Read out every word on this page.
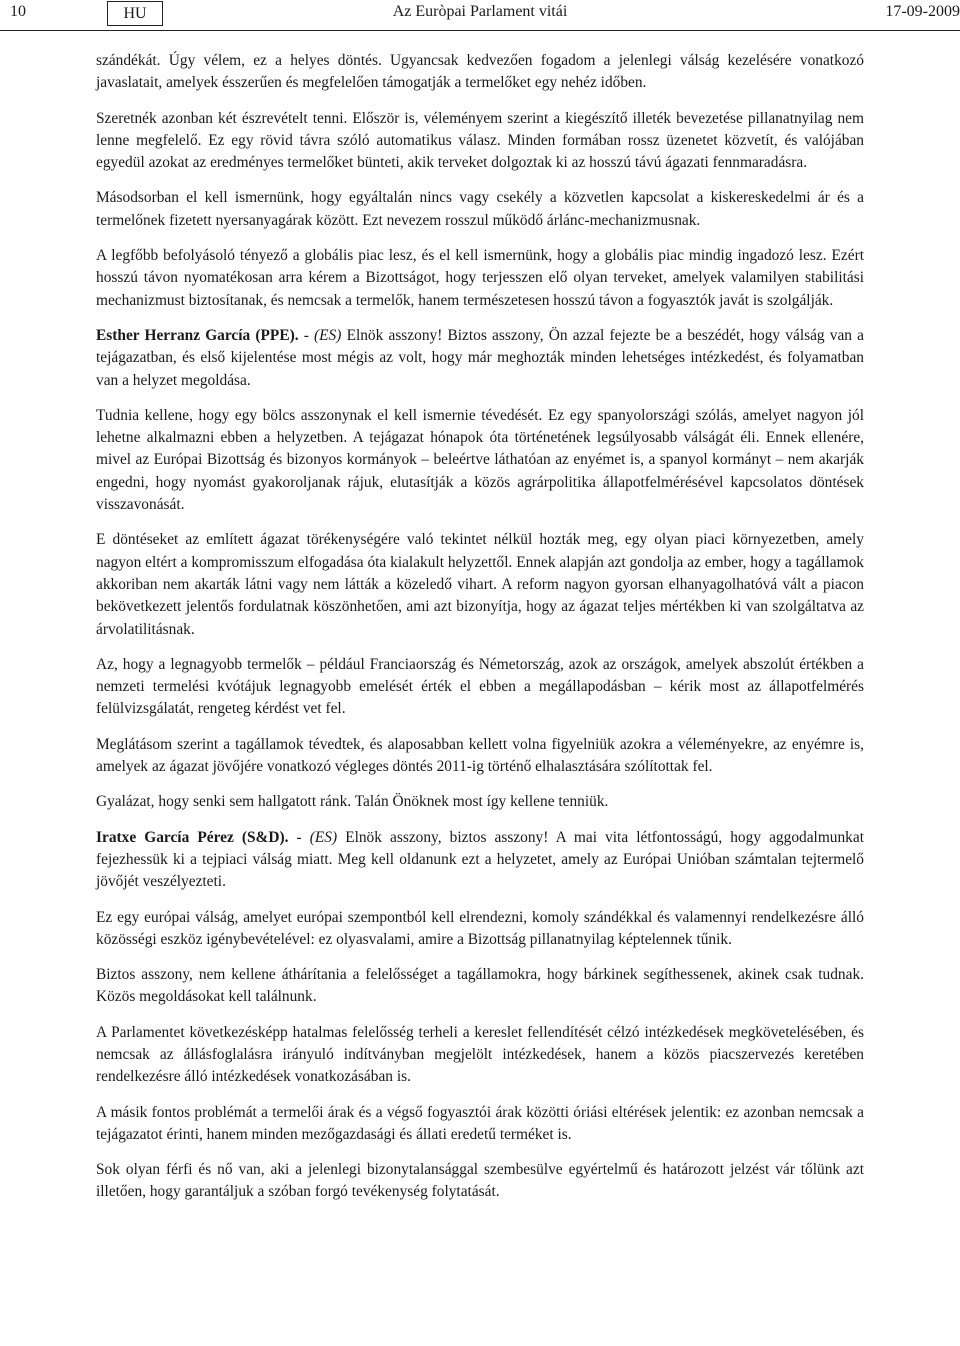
10	HU	Az Euròpai Parlament vitái	17-09-2009

szándékát. Úgy vélem, ez a helyes döntés. Ugyancsak kedvezően fogadom a jelenlegi válság kezelésére vonatkozó javaslatait, amelyek ésszerűen és megfelelően támogatják a termelőket egy nehéz időben.

Szeretnék azonban két észrevételt tenni. Először is, véleményem szerint a kiegészítő illeték bevezetése pillanatnyilag nem lenne megfelelő. Ez egy rövid távra szóló automatikus válasz. Minden formában rossz üzenetet közvetít, és valójában egyedül azokat az eredményes termelőket bünteti, akik terveket dolgoztak ki az hosszú távú ágazati fennmaradásra.

Másodsorban el kell ismernünk, hogy egyáltalán nincs vagy csekély a közvetlen kapcsolat a kiskereskedelmi ár és a termelőnek fizetett nyersanyagárak között. Ezt nevezem rosszul működő árlánc-mechanizmusnak.

A legfőbb befolyásoló tényező a globális piac lesz, és el kell ismernünk, hogy a globális piac mindig ingadozó lesz. Ezért hosszú távon nyomatékosan arra kérem a Bizottságot, hogy terjesszen elő olyan terveket, amelyek valamilyen stabilitási mechanizmust biztosítanak, és nemcsak a termelők, hanem természetesen hosszú távon a fogyasztók javát is szolgálják.

Esther Herranz García (PPE). - (ES) Elnök asszony! Biztos asszony, Ön azzal fejezte be a beszédét, hogy válság van a tejágazatban, és első kijelentése most mégis az volt, hogy már meghozták minden lehetséges intézkedést, és folyamatban van a helyzet megoldása.

Tudnia kellene, hogy egy bölcs asszonynak el kell ismernie tévedését. Ez egy spanyolországi szólás, amelyet nagyon jól lehetne alkalmazni ebben a helyzetben. A tejágazat hónapok óta történetének legsúlyosabb válságát éli. Ennek ellenére, mivel az Európai Bizottság és bizonyos kormányok – beleértve láthatóan az enyémet is, a spanyol kormányt – nem akarják engedni, hogy nyomást gyakoroljanak rájuk, elutasítják a közös agrárpolitika állapotfelmérésével kapcsolatos döntések visszavonását.

E döntéseket az említett ágazat törékenységére való tekintet nélkül hozták meg, egy olyan piaci környezetben, amely nagyon eltért a kompromisszum elfogadása óta kialakult helyzettől. Ennek alapján azt gondolja az ember, hogy a tagállamok akkoriban nem akarták látni vagy nem látták a közeledő vihart. A reform nagyon gyorsan elhanyagolhatóvá vált a piacon bekövetkezett jelentős fordulatnak köszönhetően, ami azt bizonyítja, hogy az ágazat teljes mértékben ki van szolgáltatva az árvolatilitásnak.

Az, hogy a legnagyobb termelők – például Franciaország és Németország, azok az országok, amelyek abszolút értékben a nemzeti termelési kvótájuk legnagyobb emelését érték el ebben a megállapodásban – kérik most az állapotfelmérés felülvizsgálatát, rengeteg kérdést vet fel.

Meglátásom szerint a tagállamok tévedtek, és alaposabban kellett volna figyelniük azokra a véleményekre, az enyémre is, amelyek az ágazat jövőjére vonatkozó végleges döntés 2011-ig történő elhalasztására szólítottak fel.

Gyalázat, hogy senki sem hallgatott ránk. Talán Önöknek most így kellene tenniük.

Iratxe García Pérez (S&D). - (ES) Elnök asszony, biztos asszony! A mai vita létfontosságú, hogy aggodalmunkat fejezhessük ki a tejpiaci válság miatt. Meg kell oldanunk ezt a helyzetet, amely az Európai Unióban számtalan tejtermelő jövőjét veszélyezteti.

Ez egy európai válság, amelyet európai szempontból kell elrendezni, komoly szándékkal és valamennyi rendelkezésre álló közösségi eszköz igénybevételével: ez olyasvalami, amire a Bizottság pillanatnyilag képtelennek tűnik.

Biztos asszony, nem kellene áthárítania a felelősséget a tagállamokra, hogy bárkinek segíthessenek, akinek csak tudnak. Közös megoldásokat kell találnunk.

A Parlamentet következésképp hatalmas felelősség terheli a kereslet fellendítését célzó intézkedések megkövetelésében, és nemcsak az állásfoglalásra irányuló indítványban megjelölt intézkedések, hanem a közös piacszervezés keretében rendelkezésre álló intézkedések vonatkozásában is.

A másik fontos problémát a termelői árak és a végső fogyasztói árak közötti óriási eltérések jelentik: ez azonban nemcsak a tejágazatot érinti, hanem minden mezőgazdasági és állati eredetű terméket is.

Sok olyan férfi és nő van, aki a jelenlegi bizonytalansággal szembesülve egyértelmű és határozott jelzést vár tőlünk azt illetően, hogy garantáljuk a szóban forgó tevékenység folytatását.
